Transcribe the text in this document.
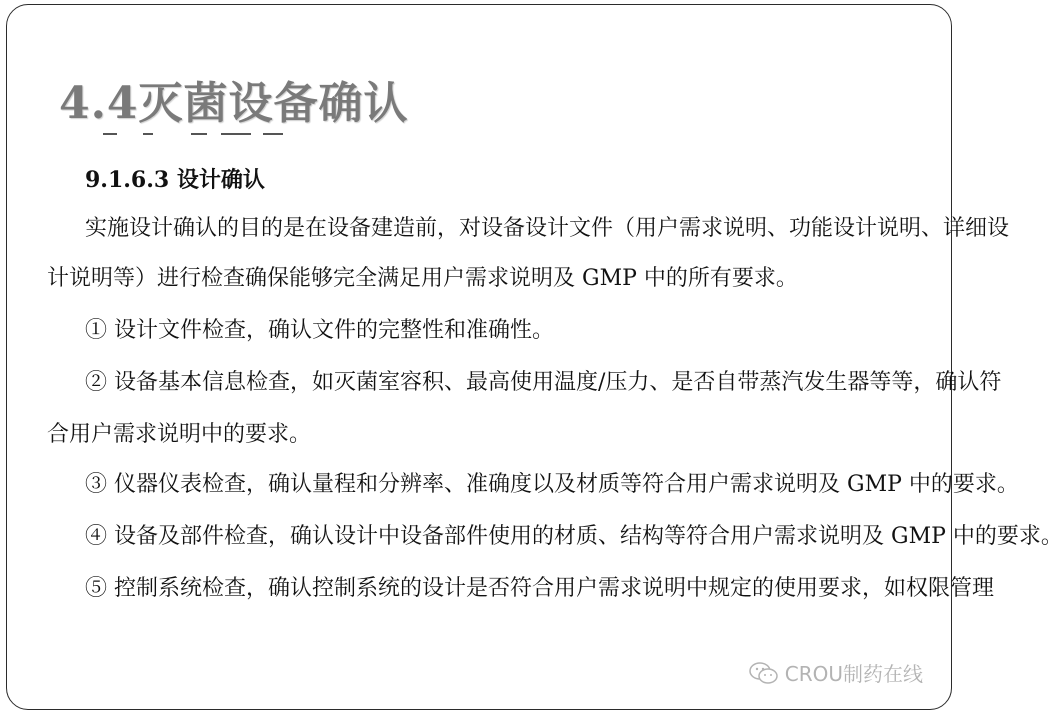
4.4灭菌设备确认
9.1.6.3 设计确认
实施设计确认的目的是在设备建造前，对设备设计文件（用户需求说明、功能设计说明、详细设
计说明等）进行检查确保能够完全满足用户需求说明及 GMP 中的所有要求。
① 设计文件检查，确认文件的完整性和准确性。
② 设备基本信息检查，如灭菌室容积、最高使用温度/压力、是否自带蒸汽发生器等等，确认符
合用户需求说明中的要求。
③ 仪器仪表检查，确认量程和分辨率、准确度以及材质等符合用户需求说明及 GMP 中的要求。
④ 设备及部件检查，确认设计中设备部件使用的材质、结构等符合用户需求说明及 GMP 中的要求。
⑤ 控制系统检查，确认控制系统的设计是否符合用户需求说明中规定的使用要求，如权限管理
CROU制药在线
